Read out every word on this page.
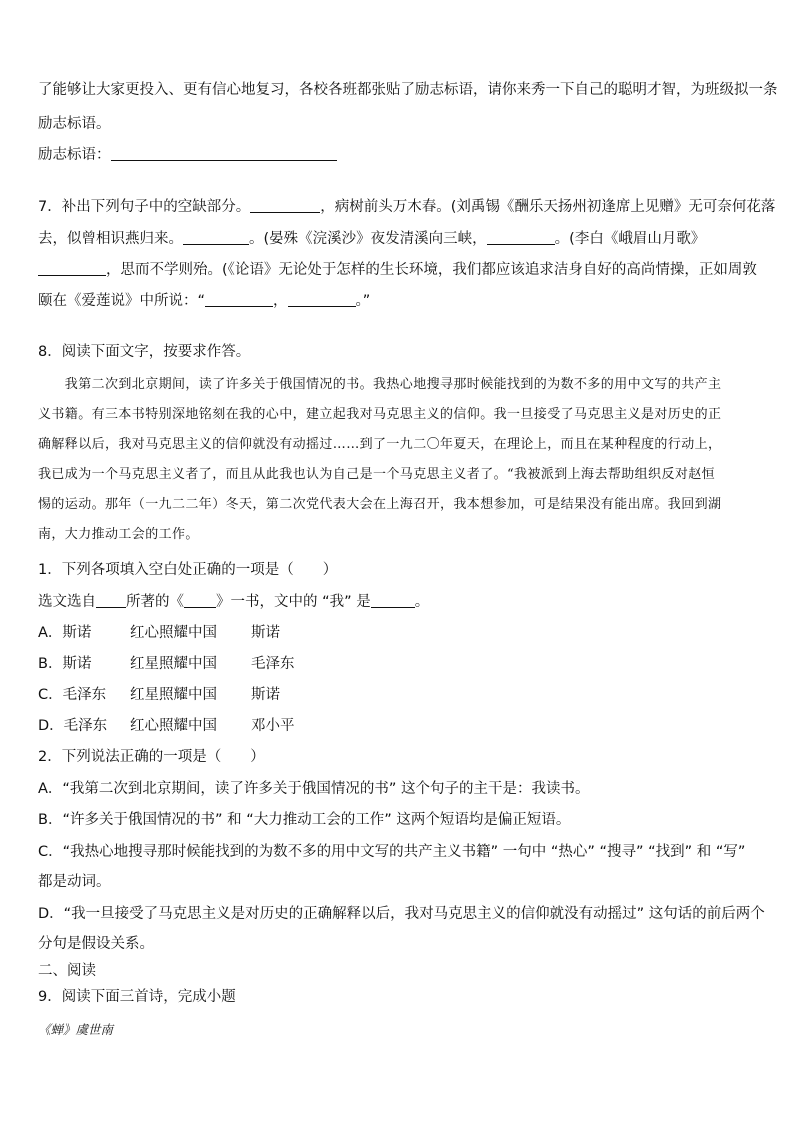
了能够让大家更投入、更有信心地复习，各校各班都张贴了励志标语，请你来秀一下自己的聪明才智，为班级拟一条
励志标语。
励志标语：
7．补出下列句子中的空缺部分。	，病树前头万木春。(刘禹锡《酬乐天扬州初逢席上见赠》无可奈何花落
去，似曾相识燕归来。	。(晏殊《浣溪沙》夜发清溪向三峡，	。(李白《峨眉山月歌》
，思而不学则殆。(《论语》无论处于怎样的生长环境，我们都应该追求洁身自好的高尚情操，正如周敦
颐在《爱莲说》中所说：“	，	。”
8．阅读下面文字，按要求作答。
　　我第二次到北京期间，读了许多关于俄国情况的书。我热心地搜寻那时候能找到的为数不多的用中文写的共产主
义书籍。有三本书特别深地铭刻在我的心中，建立起我对马克思主义的信仰。我一旦接受了马克思主义是对历史的正
确解释以后，我对马克思主义的信仰就没有动摇过……到了一九二〇年夏天，在理论上，而且在某种程度的行动上，
我已成为一个马克思主义者了，而且从此我也认为自己是一个马克思主义者了。“我被派到上海去帮助组织反对赵恒
惕的运动。那年（一九二二年）冬天，第二次党代表大会在上海召开，我本想参加，可是结果没有能出席。我回到湖
南，大力推动工会的工作。
1．下列各项填入空白处正确的一项是（　　）
选文选自 所著的《 》一书，文中的 “我” 是	。
A．斯诺	红心照耀中国 斯诺
B．斯诺	红星照耀中国 毛泽东
C．毛泽东 红星照耀中国 斯诺
D．毛泽东 红心照耀中国 邓小平
2．下列说法正确的一项是（　　）
A．“我第二次到北京期间，读了许多关于俄国情况的书” 这个句子的主干是：我读书。
B．“许多关于俄国情况的书” 和 “大力推动工会的工作” 这两个短语均是偏正短语。
C．“我热心地搜寻那时候能找到的为数不多的用中文写的共产主义书籍” 一句中 “热心” “搜寻” “找到” 和 “写”
都是动词。
D．“我一旦接受了马克思主义是对历史的正确解释以后，我对马克思主义的信仰就没有动摇过” 这句话的前后两个
分句是假设关系。
二、阅读
9．阅读下面三首诗，完成小题
《蝉》虞世南
